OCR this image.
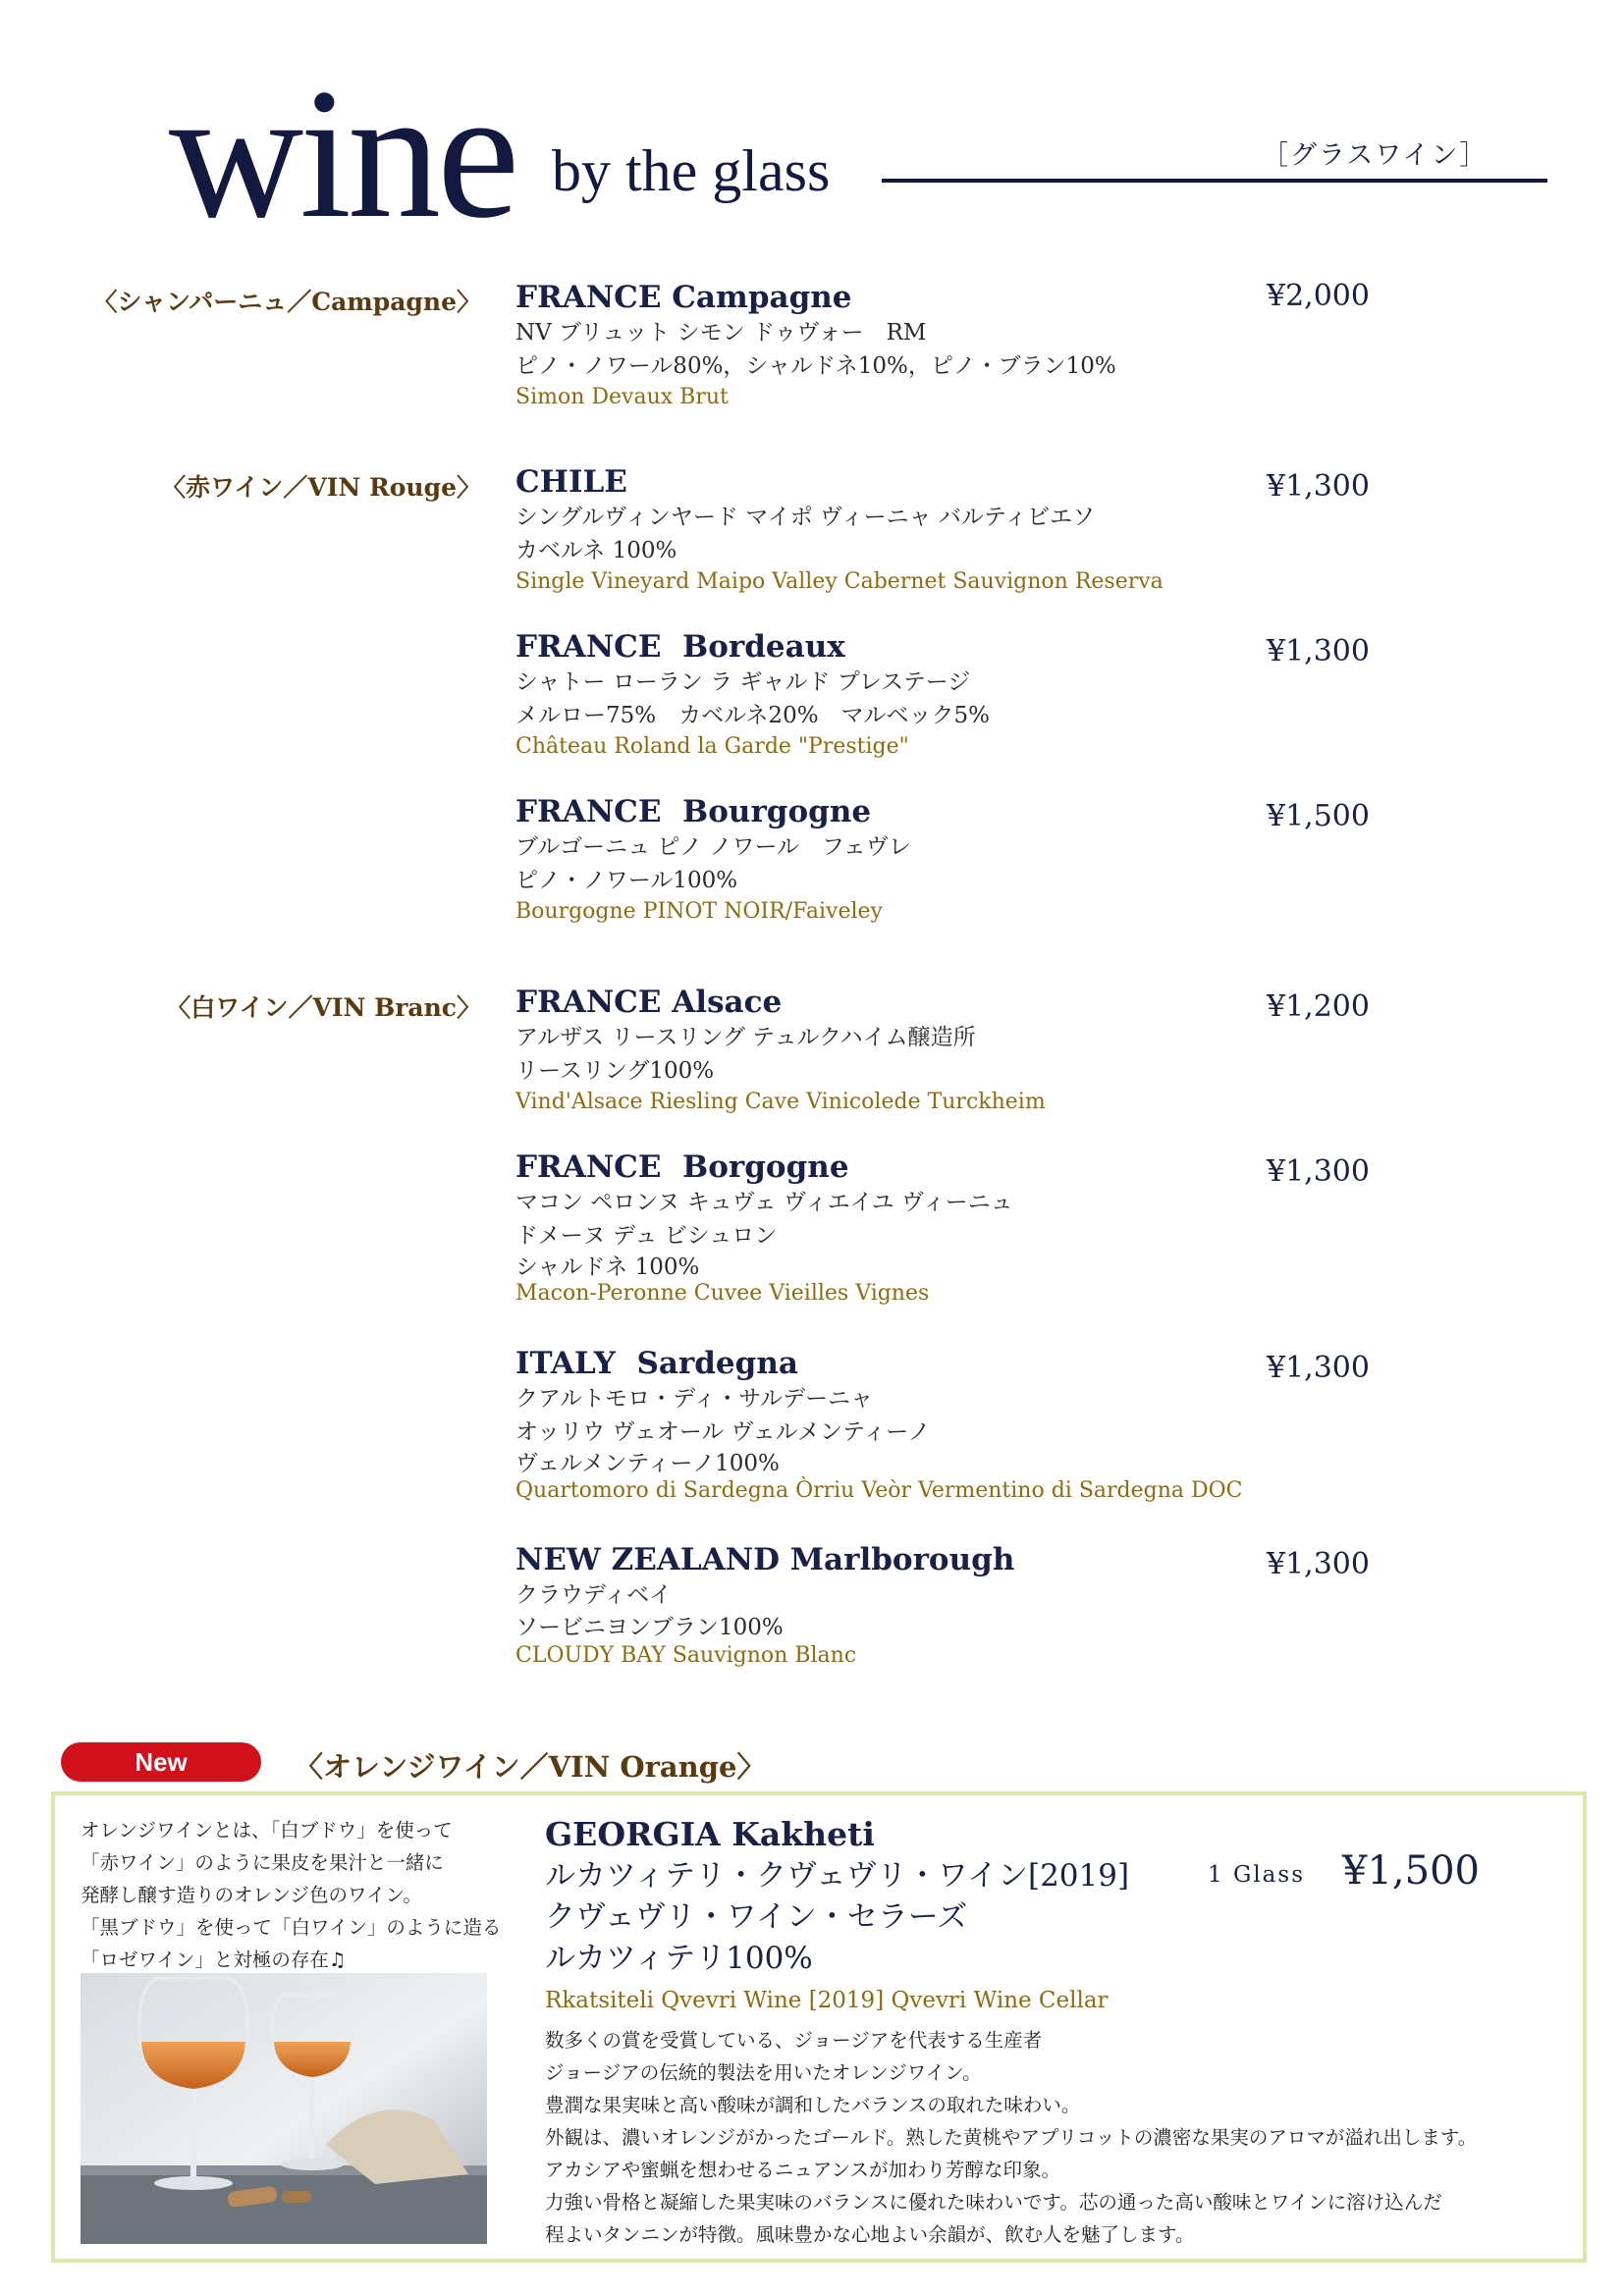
wine by the glass	［グラスワイン］
〈シャンパーニュ／Campagne〉
〈赤ワイン／VIN Rouge〉
〈白ワイン／VIN Branc〉
FRANCE Campagne
NV ブリュット シモン ドゥヴォー　RM
ピノ・ノワール80%，シャルドネ10%，ピノ・ブラン10%
Simon Devaux Brut
¥2,000
CHILE
シングルヴィンヤード マイポ ヴィーニャ バルティビエソ
カベルネ 100%
Single Vineyard Maipo Valley Cabernet Sauvignon Reserva
¥1,300
FRANCE  Bordeaux
シャトー ローラン ラ ギャルド プレステージ
メルロー75%　カベルネ20%　マルベック5%
Château Roland la Garde "Prestige"
¥1,300
FRANCE  Bourgogne
ブルゴーニュ ピノ ノワール　フェヴレ
ピノ・ノワール100%
Bourgogne PINOT NOIR/Faiveley
¥1,500
FRANCE Alsace
アルザス リースリング テュルクハイム醸造所
リースリング100%
Vind'Alsace Riesling Cave Vinicolede Turckheim
¥1,200
FRANCE  Borgogne
マコン ペロンヌ キュヴェ ヴィエイユ ヴィーニュ
ドメーヌ デュ ビシュロン
シャルドネ 100%
Macon-Peronne Cuvee Vieilles Vignes
¥1,300
ITALY  Sardegna
クアルトモロ・ディ・サルデーニャ
オッリウ ヴェオール ヴェルメンティーノ
ヴェルメンティーノ100%
Quartomoro di Sardegna Òrriu Veòr Vermentino di Sardegna DOC
¥1,300
NEW ZEALAND Marlborough
クラウディベイ
ソービニヨンブラン100%
CLOUDY BAY Sauvignon Blanc
¥1,300
New	〈オレンジワイン／VIN Orange〉
オレンジワインとは、「白ブドウ」を使って
「赤ワイン」のように果皮を果汁と一緒に
発酵し醸す造りのオレンジ色のワイン。
「黒ブドウ」を使って「白ワイン」のように造る
「ロゼワイン」と対極の存在♫
GEORGIA Kakheti
ルカツィテリ・クヴェヴリ・ワイン[2019]
クヴェヴリ・ワイン・セラーズ
ルカツィテリ100%
Rkatsiteli Qvevri Wine [2019] Qvevri Wine Cellar
数多くの賞を受賞している、ジョージアを代表する生産者
ジョージアの伝統的製法を用いたオレンジワイン。
豊潤な果実味と高い酸味が調和したバランスの取れた味わい。
外観は、濃いオレンジがかったゴールド。熟した黄桃やアプリコットの濃密な果実のアロマが溢れ出します。
アカシアや蜜蝋を想わせるニュアンスが加わり芳醇な印象。
力強い骨格と凝縮した果実味のバランスに優れた味わいです。芯の通った高い酸味とワインに溶け込んだ
程よいタンニンが特徴。風味豊かな心地よい余韻が、飲む人を魅了します。
1 Glass ¥1,500
